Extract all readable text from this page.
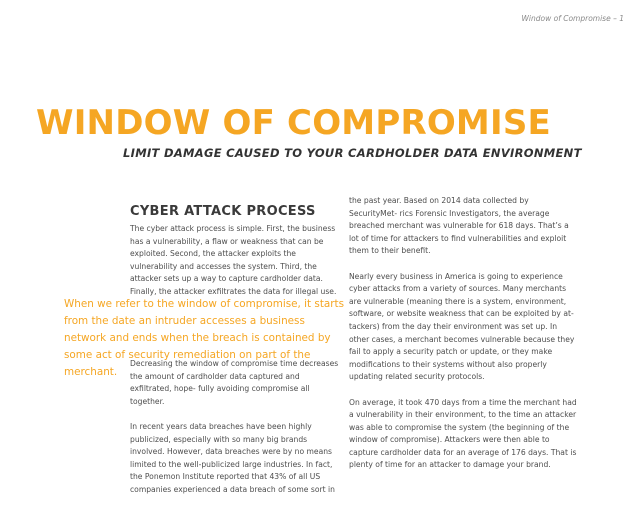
Window of Compromise – 1
WINDOW OF COMPROMISE
LIMIT DAMAGE CAUSED TO YOUR CARDHOLDER DATA ENVIRONMENT
CYBER ATTACK PROCESS

The cyber attack process is simple. First, the business has a vulnerability, a flaw or weakness that can be exploited. Second, the attacker exploits the vulnerability and accesses the system. Third, the attacker sets up a way to capture cardholder data. Finally, the attacker exfiltrates the data for illegal use.

When we refer to the window of compromise, it starts from the date an intruder accesses a business network and ends when the breach is contained by some act of security remediation on part of the merchant.

Decreasing the window of compromise time decreases the amount of cardholder data captured and exfiltrated, hope- fully avoiding compromise all together.

In recent years data breaches have been highly publicized, especially with so many big brands involved. However, data breaches were by no means limited to the well-publicized large industries. In fact, the Ponemon Institute reported that 43% of all US companies experienced a data breach of some sort in

the past year. Based on 2014 data collected by SecurityMet- rics Forensic Investigators, the average breached merchant was vulnerable for 618 days. That’s a lot of time for attackers to find vulnerabilities and exploit them to their benefit.

Nearly every business in America is going to experience cyber attacks from a variety of sources. Many merchants are vulnerable (meaning there is a system, environment, software, or website weakness that can be exploited by at- tackers) from the day their environment was set up. In other cases, a merchant becomes vulnerable because they fail to apply a security patch or update, or they make modifications to their systems without also properly updating related security protocols.

On average, it took 470 days from a time the merchant had a vulnerability in their environment, to the time an attacker was able to compromise the system (the beginning of the window of compromise). Attackers were then able to capture cardholder data for an average of 176 days. That is plenty of time for an attacker to damage your brand.
